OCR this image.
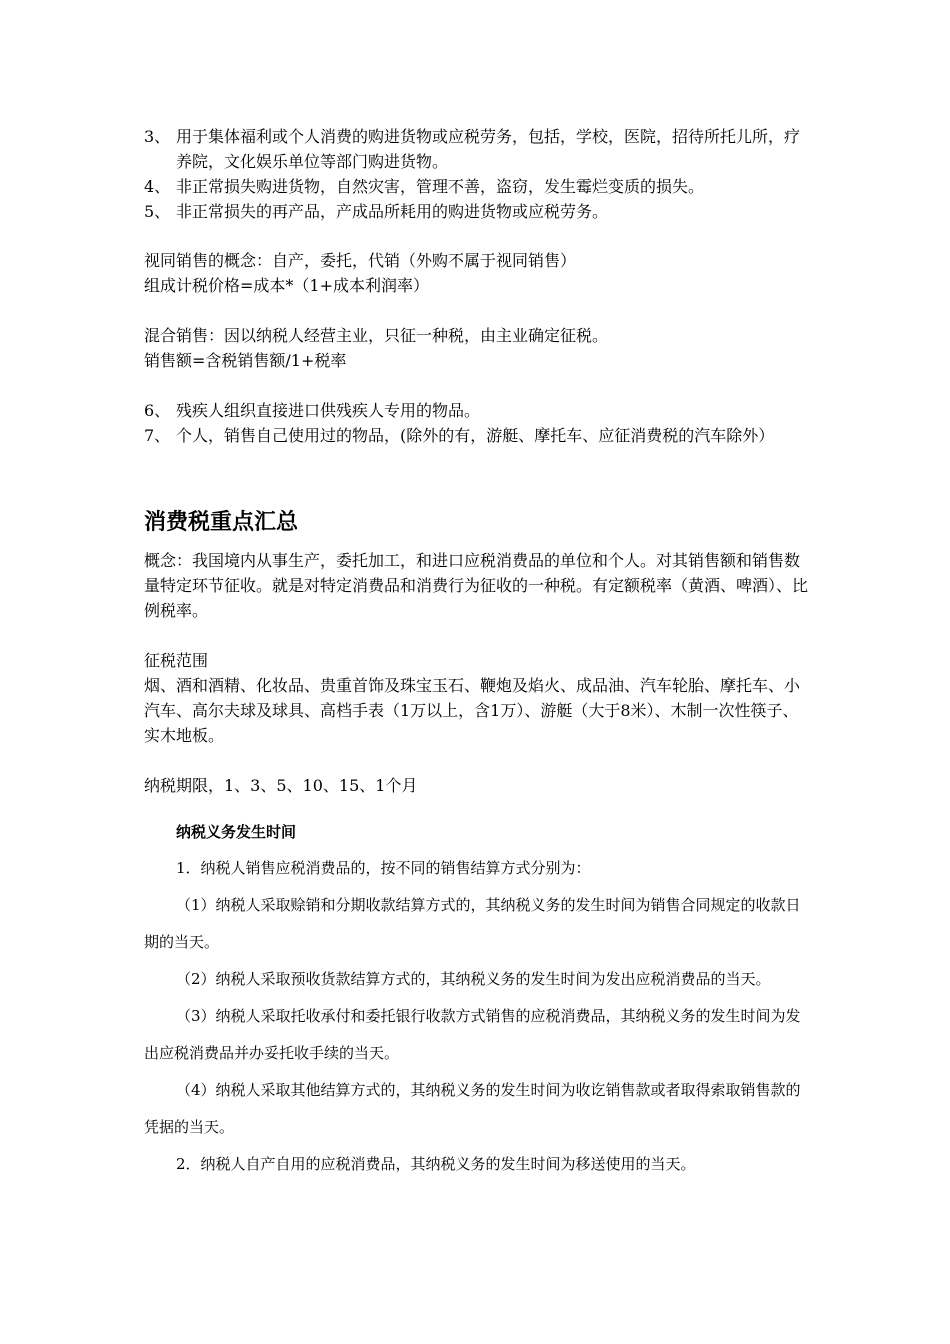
3、 用于集体福利或个人消费的购进货物或应税劳务，包括，学校，医院，招待所托儿所，疗养院，文化娱乐单位等部门购进货物。
4、 非正常损失购进货物，自然灾害，管理不善，盗窃，发生霉烂变质的损失。
5、 非正常损失的再产品，产成品所耗用的购进货物或应税劳务。

视同销售的概念：自产，委托，代销（外购不属于视同销售）

组成计税价格=成本*（1+成本利润率）

混合销售：因以纳税人经营主业，只征一种税，由主业确定征税。

销售额=含税销售额/1+税率

6、 残疾人组织直接进口供残疾人专用的物品。
7、 个人，销售自己使用过的物品，(除外的有，游艇、摩托车、应征消费税的汽车除外）
消费税重点汇总

概念：我国境内从事生产，委托加工，和进口应税消费品的单位和个人。对其销售额和销售数量特定环节征收。就是对特定消费品和消费行为征收的一种税。有定额税率（黄酒、啤酒）、比例税率。

征税范围

烟、酒和酒精、化妆品、贵重首饰及珠宝玉石、鞭炮及焰火、成品油、汽车轮胎、摩托车、小汽车、高尔夫球及球具、高档手表（1万以上，含1万）、游艇（大于8米）、木制一次性筷子、实木地板。

纳税期限，1、3、5、10、15、1个月

纳税义务发生时间

1．纳税人销售应税消费品的，按不同的销售结算方式分别为：

（1）纳税人采取赊销和分期收款结算方式的，其纳税义务的发生时间为销售合同规定的收款日期的当天。

（2）纳税人采取预收货款结算方式的，其纳税义务的发生时间为发出应税消费品的当天。

（3）纳税人采取托收承付和委托银行收款方式销售的应税消费品，其纳税义务的发生时间为发出应税消费品并办妥托收手续的当天。

（4）纳税人采取其他结算方式的，其纳税义务的发生时间为收讫销售款或者取得索取销售款的凭据的当天。

2．纳税人自产自用的应税消费品，其纳税义务的发生时间为移送使用的当天。
